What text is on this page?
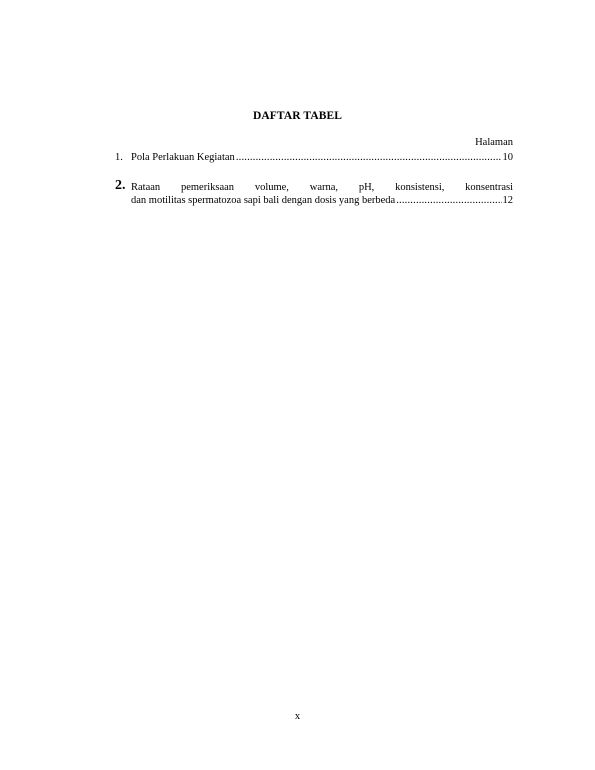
DAFTAR TABEL
Halaman
1. Pola Perlakuan Kegiatan .....	10
2. Rataan pemeriksaan volume, warna, pH, konsistensi, konsentrasi
dan motilitas spermatozoa sapi bali dengan dosis yang berbeda .....	12
x
